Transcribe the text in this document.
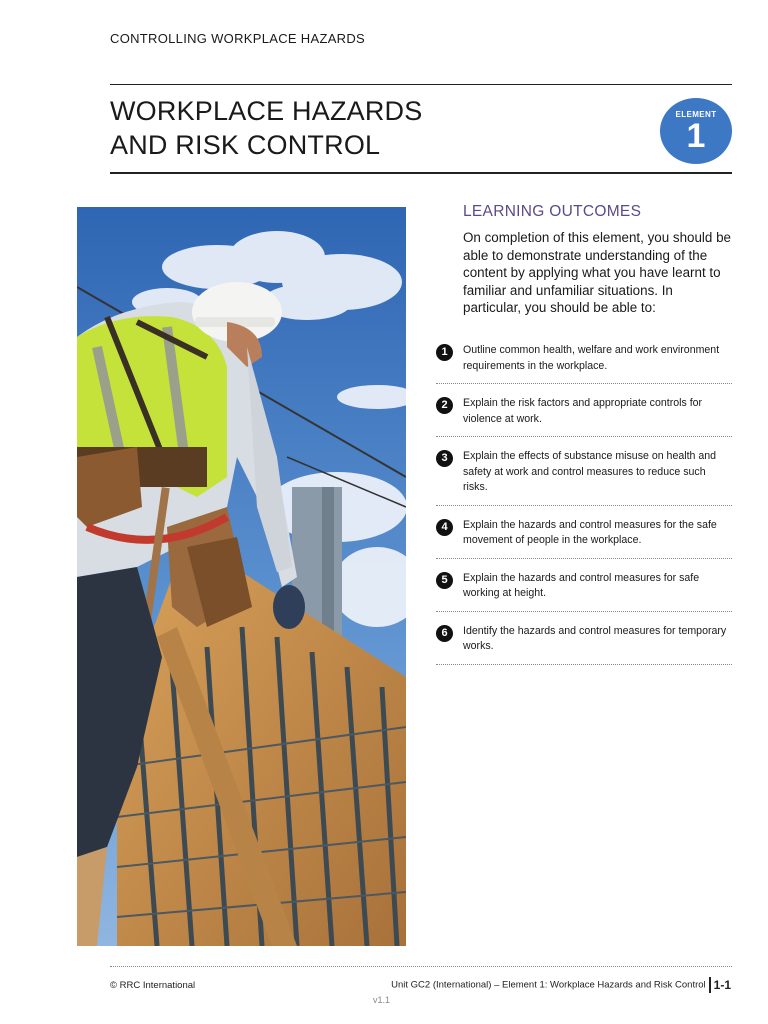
CONTROLLING WORKPLACE HAZARDS
WORKPLACE HAZARDS
AND RISK CONTROL
ELEMENT
1
LEARNING OUTCOMES

On completion of this element, you should be able to demonstrate understanding of the content by applying what you have learnt to familiar and unfamiliar situations. In particular, you should be able to:

1	Outline common health, welfare and work environment requirements in the workplace.
2	Explain the risk factors and appropriate controls for violence at work.
3	Explain the effects of substance misuse on health and safety at work and control measures to reduce such risks.
4	Explain the hazards and control measures for the safe movement of people in the workplace.
5	Explain the hazards and control measures for safe working at height.
6	Identify the hazards and control measures for temporary works.
© RRC International	Unit GC2 (International) – Element 1: Workplace Hazards and Risk Control 1-1
v1.1
